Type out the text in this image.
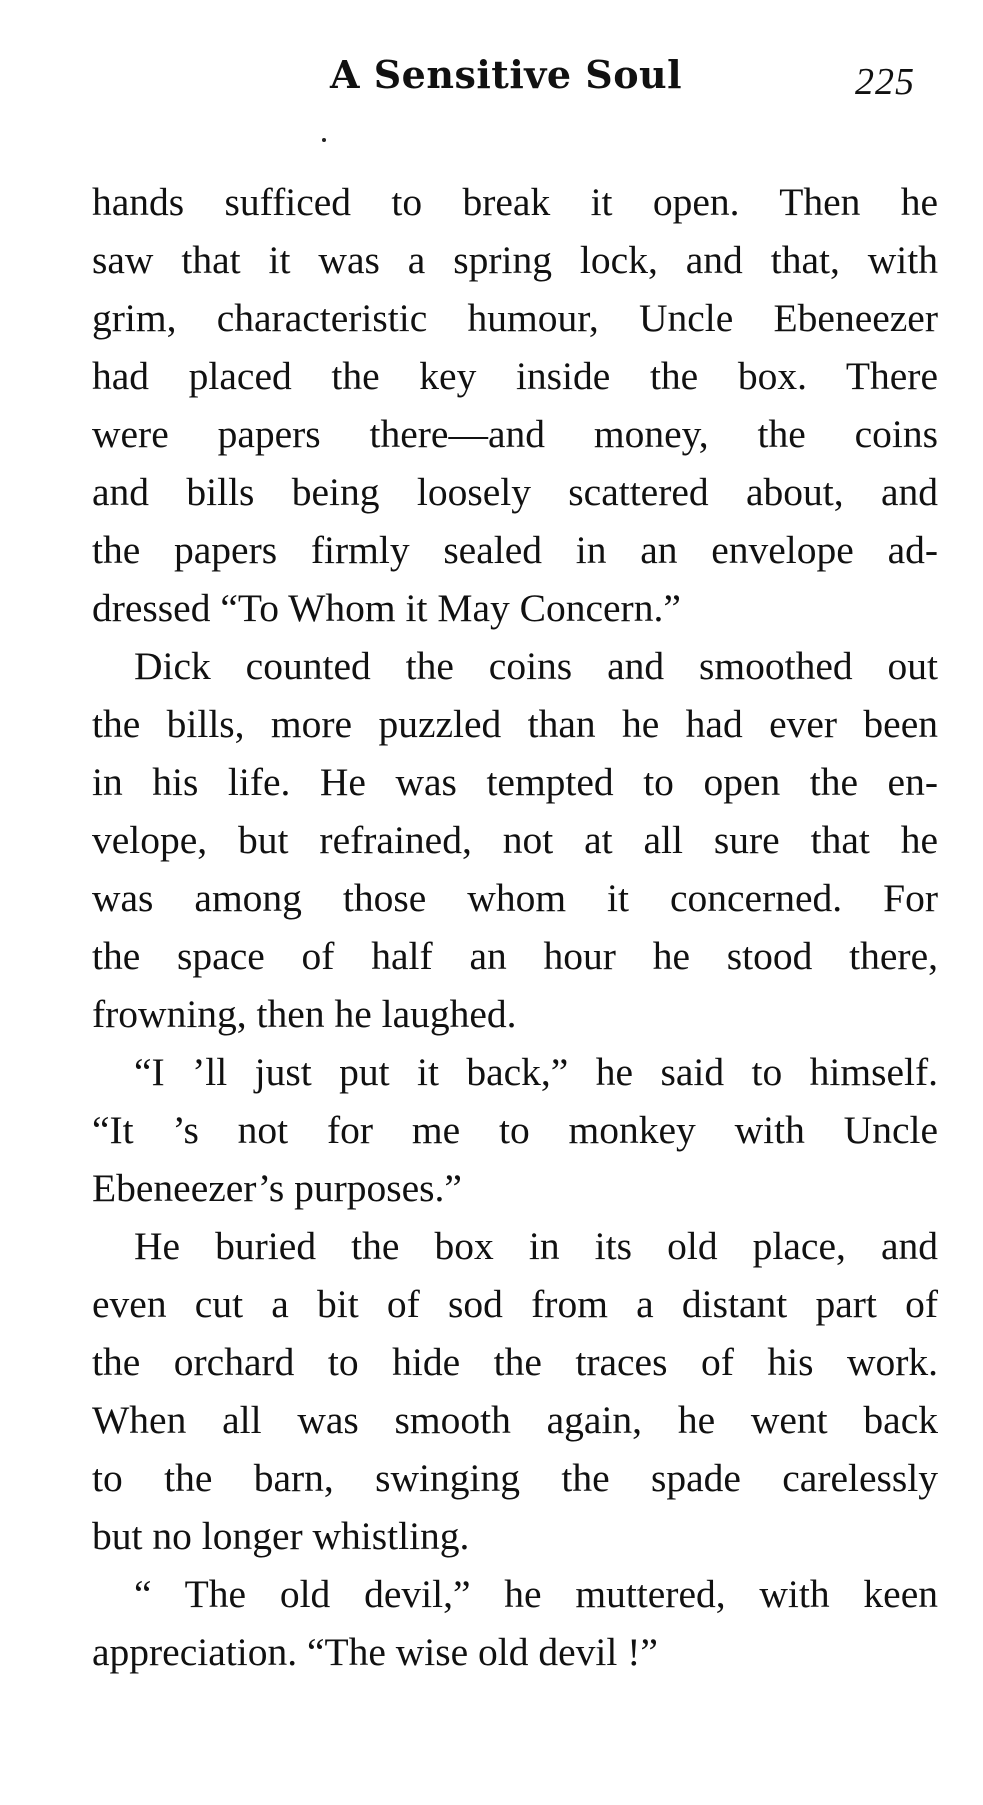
A Sensitive Soul	225

hands sufficed to break it open. Then he
saw that it was a spring lock, and that, with
grim, characteristic humour, Uncle Ebeneezer
had placed the key inside the box. There
were papers there—and money, the coins
and bills being loosely scattered about, and
the papers firmly sealed in an envelope ad-
dressed “To Whom it May Concern.”

Dick counted the coins and smoothed out
the bills, more puzzled than he had ever been
in his life. He was tempted to open the en-
velope, but refrained, not at all sure that he
was among those whom it concerned. For
the space of half an hour he stood there,
frowning, then he laughed.

“I ’ll just put it back,” he said to himself.
“It ’s not for me to monkey with Uncle
Ebeneezer’s purposes.”

He buried the box in its old place, and
even cut a bit of sod from a distant part of
the orchard to hide the traces of his work.
When all was smooth again, he went back
to the barn, swinging the spade carelessly
but no longer whistling.

“ The old devil,” he muttered, with keen
appreciation. “The wise old devil !”
